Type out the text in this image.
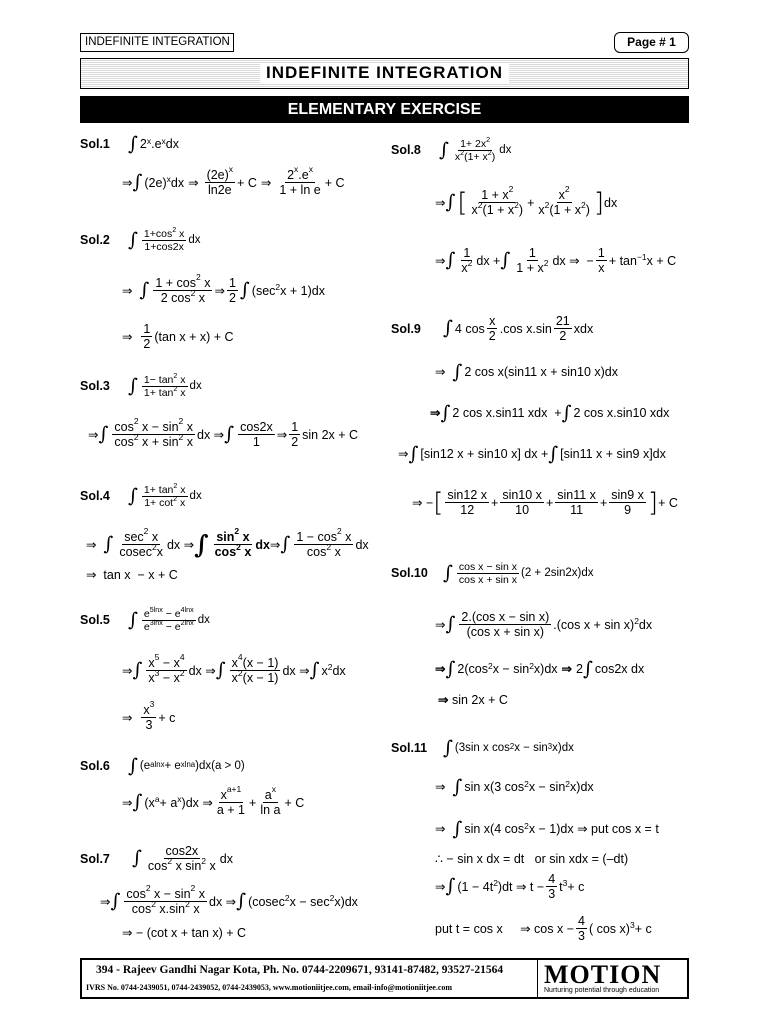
INDEFINITE INTEGRATION	Page # 1
INDEFINITE INTEGRATION
ELEMENTARY EXERCISE
Sol.1 ∫ 2$^x$ $.e^x$ dx
⇒ ∫ $(2e)^x$ dx ⇒ $\frac{(2e)^x}{\ln 2e} + C$ ⇒ $\frac{2^x.e^x}{\text{1 + ln e}} + C$
Sol.2 ∫ $\frac{1+\cos^2 x}{1+\cos 2x}$ dx
⇒ ∫ $\frac{1 + \cos^2 x}{2 \cos^2 x}$ ⇒ $\frac{1}{2}$ ∫ ($\sec^2$ x + 1)dx
⇒ $\frac{1}{2} (\tan$ x + x) + C
Sol.3 ∫ $\frac{1- \tan^2 x}{1+ \tan^2 x}$ dx
⇒ ∫ $\frac{\cos^2 x - \sin^2 x}{\cos^2 x + \sin^2 x}$ dx ⇒ ∫ $\frac{\cos 2x}{1}$ ⇒ $\frac{1}{2}$ sin 2x + C
Sol.4 ∫ $\frac{1+ \tan^2 x}{1+ \cot^2 x}$ dx
⇒ ∫ $\frac{\sec^2 x}{cosec^2x}$ dx ⇒ ∫ $\frac{\sin^2 x}{\cos^2 x}$ dx ⇒ ∫ $\frac{1 - \cos^2 x}{\cos^2 x}$ dx
⇒  tan x  − x + C
Sol.5 ∫ $\frac{e^{5lnx} - e^{4lnx}}{e^{3lnx} - e^{2lnx}}$ dx
⇒ ∫ $\frac{x^5 - x^4}{x^3 - x^2}$ dx ⇒ ∫ $\frac{x^4(x - 1)}{x^2(x - 1)}$ dx ⇒ ∫ $x^2$ dx
⇒ $\frac{x^3}{3} + c$
Sol.6 ∫ ($e^{alnx} + e^{xlna}$ )dx(a > 0)
⇒ ∫ ($x^a + a^x$ )dx ⇒ $\frac{x^{a+1}}{a + 1} + \frac{a^x}{\text{ln a}} + C$
Sol.7	∫ $\frac{\cos 2x}{\cos^2 x \sin^2 x}$ dx
⇒ ∫ $\frac{\cos^2 x - \sin^2 x}{\cos^2 x.\sin^2 x}$ dx ⇒ ∫ (cosec$^2$ $x - \sec^2 x)dx$
⇒ − (cot x + tan x) + C
Sol.8 ∫ $\frac{1+ 2x^2}{x^2(1+ x^2)}$ dx
⇒ ∫ [ $\frac{1 + x^2}{x^2(1 + x^2)} + \frac{x^2}{x^2(1 + x^2)}$ ] dx
⇒ ∫ $\frac{1}{x^2}$ dx + ∫ $\frac{1}{1 + x^2}$ dx ⇒  − $\frac{1}{x} + \tan^{-1} x + C$
Sol.9	∫ 4 $\cos \frac{x}{2} .\cos$ $x.\sin \frac{21}{2}$ xdx
⇒ ∫ 2 cos x(sin11 x + sin10 x)dx
⇒ ∫ 2 cos x.sin11 xdx  + ∫ 2 cos x.sin10 xdx
⇒ ∫ [sin12 x + sin10 x] dx + ∫ [sin11 x + sin9 x]dx
⇒ − [ $\frac{\sin 12 x}{12} + \frac{\sin 10 x}{10} + \frac{\sin 11 x}{11} + \frac{\sin 9 x}{9}$ ] + C
Sol.10 ∫ $\frac{\text{cos x − sin x}}{\text{cos x + sin x}} (2 + 2\sin 2x)dx$
⇒ ∫ $\frac{\text{2.(cos x − sin x)}}{\text{(cos x + sin x)}} .(\cos$ x + sin x)$^2$ dx
⇒ ∫ $2(\cos^2$ $x - \sin^2 x)dx$ ⇒ 2 ∫ cos2x dx
⇒ sin 2x + C
Sol.11 ∫ (3sin x $\cos^2 x - \sin^3 x)dx$
⇒ ∫ sin x(3 $\cos^2 x - \sin^2 x)dx$
⇒ ∫ sin x(4 $\cos^2 x - 1)dx$ ⇒ put cos x = t
∴ − sin x dx = dt   or sin xdx = (–dt)
⇒ ∫ ($1 - 4t^2$ )dt ⇒ $t - \frac{4}{3} t^3 + c$
put t = cos x     ⇒ $\cos x - \frac{4}{3}$ ( cos x)$^3$ + c
394 - Rajeev Gandhi Nagar Kota, Ph. No. 0744-2209671, 93141-87482, 93527-21564
IVRS No. 0744-2439051, 0744-2439052, 0744-2439053, www.motioniitjee.com, email-info@motioniitjee.com	MOTION
Nurturing potential through education
